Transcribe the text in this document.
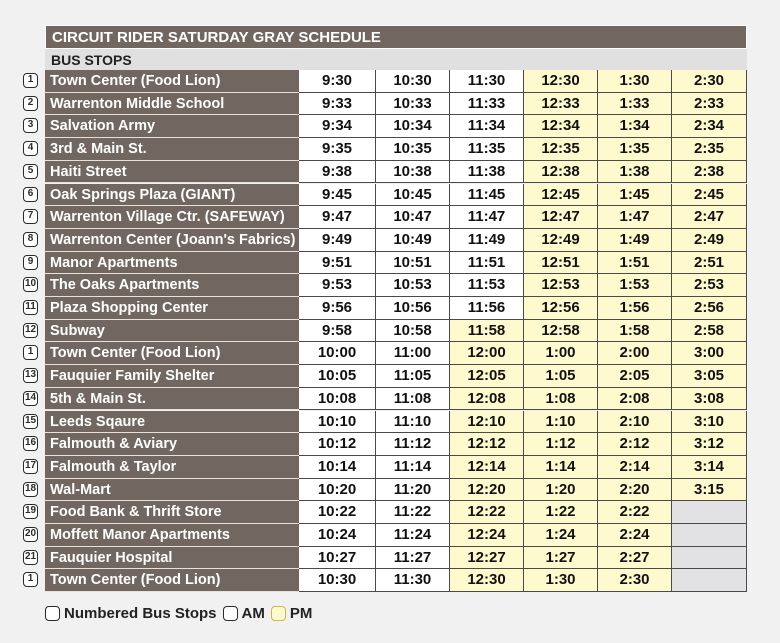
CIRCUIT RIDER SATURDAY GRAY SCHEDULE
BUS STOPS
1	Town Center (Food Lion)	9:30	10:30	11:30	12:30	1:30	2:30
2	Warrenton Middle School	9:33	10:33	11:33	12:33	1:33	2:33
3	Salvation Army	9:34	10:34	11:34	12:34	1:34	2:34
4	3rd & Main St.	9:35	10:35	11:35	12:35	1:35	2:35
5	Haiti Street	9:38	10:38	11:38	12:38	1:38	2:38
6	Oak Springs Plaza (GIANT)	9:45	10:45	11:45	12:45	1:45	2:45
7	Warrenton Village Ctr. (SAFEWAY)	9:47	10:47	11:47	12:47	1:47	2:47
8	Warrenton Center (Joann's Fabrics)	9:49	10:49	11:49	12:49	1:49	2:49
9	Manor Apartments	9:51	10:51	11:51	12:51	1:51	2:51
10 The Oaks Apartments	9:53	10:53	11:53	12:53	1:53	2:53
11 Plaza Shopping Center	9:56	10:56	11:56	12:56	1:56	2:56
12 Subway	9:58	10:58	11:58	12:58	1:58	2:58
1	Town Center (Food Lion)	10:00	11:00	12:00	1:00	2:00	3:00
13 Fauquier Family Shelter	10:05	11:05	12:05	1:05	2:05	3:05
14 5th & Main St.	10:08	11:08	12:08	1:08	2:08	3:08
15 Leeds Sqaure	10:10	11:10	12:10	1:10	2:10	3:10
16 Falmouth & Aviary	10:12	11:12	12:12	1:12	2:12	3:12
17 Falmouth & Taylor	10:14	11:14	12:14	1:14	2:14	3:14
18 Wal-Mart	10:20	11:20	12:20	1:20	2:20	3:15
19 Food Bank & Thrift Store	10:22	11:22	12:22	1:22	2:22
20 Moffett Manor Apartments	10:24	11:24	12:24	1:24	2:24
21 Fauquier Hospital	10:27	11:27	12:27	1:27	2:27
1	Town Center (Food Lion)	10:30	11:30	12:30	1:30	2:30
Numbered Bus Stops AM PM
